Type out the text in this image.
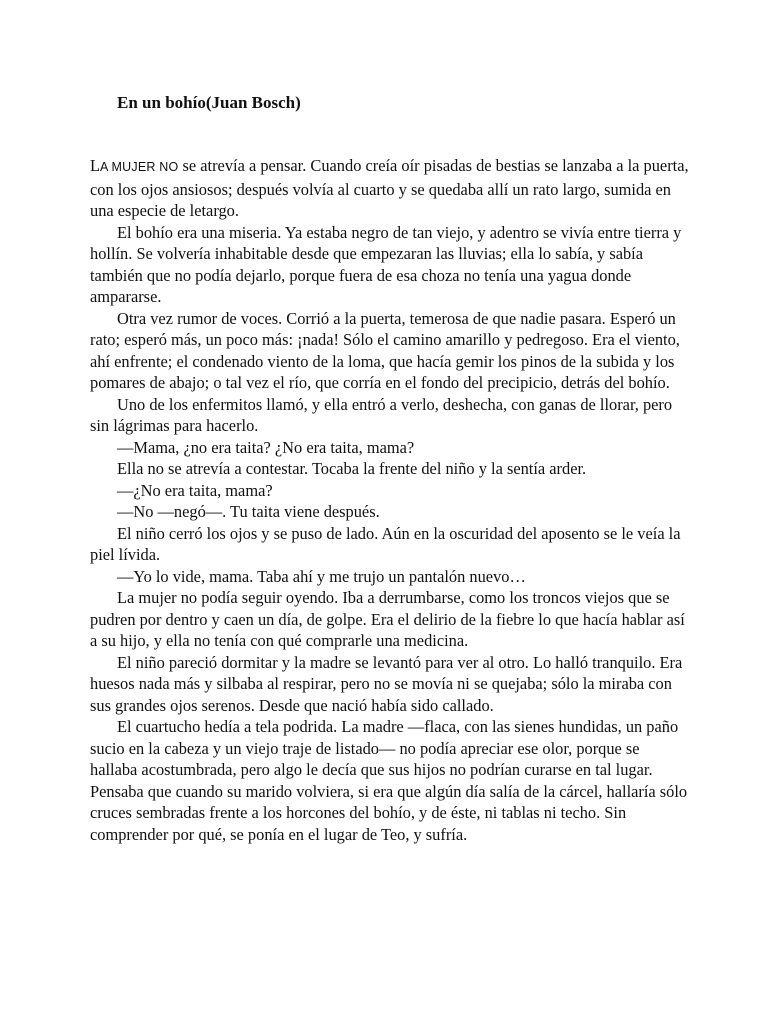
En un bohío(Juan Bosch)

LA MUJER NO se atrevía a pensar. Cuando creía oír pisadas de bestias se lanzaba a la puerta, con los ojos ansiosos; después volvía al cuarto y se quedaba allí un rato largo, sumida en una especie de letargo.

El bohío era una miseria. Ya estaba negro de tan viejo, y adentro se vivía entre tierra y hollín. Se volvería inhabitable desde que empezaran las lluvias; ella lo sabía, y sabía también que no podía dejarlo, porque fuera de esa choza no tenía una yagua donde ampararse.

Otra vez rumor de voces. Corrió a la puerta, temerosa de que nadie pasara. Esperó un rato; esperó más, un poco más: ¡nada! Sólo el camino amarillo y pedregoso. Era el viento, ahí enfrente; el condenado viento de la loma, que hacía gemir los pinos de la subida y los pomares de abajo; o tal vez el río, que corría en el fondo del precipicio, detrás del bohío.

Uno de los enfermitos llamó, y ella entró a verlo, deshecha, con ganas de llorar, pero sin lágrimas para hacerlo.

—Mama, ¿no era taita? ¿No era taita, mama?

Ella no se atrevía a contestar. Tocaba la frente del niño y la sentía arder.

—¿No era taita, mama?

—No —negó—. Tu taita viene después.

El niño cerró los ojos y se puso de lado. Aún en la oscuridad del aposento se le veía la piel lívida.

—Yo lo vide, mama. Taba ahí y me trujo un pantalón nuevo…

La mujer no podía seguir oyendo. Iba a derrumbarse, como los troncos viejos que se pudren por dentro y caen un día, de golpe. Era el delirio de la fiebre lo que hacía hablar así a su hijo, y ella no tenía con qué comprarle una medicina.

El niño pareció dormitar y la madre se levantó para ver al otro. Lo halló tranquilo. Era huesos nada más y silbaba al respirar, pero no se movía ni se quejaba; sólo la miraba con sus grandes ojos serenos. Desde que nació había sido callado.

El cuartucho hedía a tela podrida. La madre —flaca, con las sienes hundidas, un paño sucio en la cabeza y un viejo traje de listado— no podía apreciar ese olor, porque se hallaba acostumbrada, pero algo le decía que sus hijos no podrían curarse en tal lugar. Pensaba que cuando su marido volviera, si era que algún día salía de la cárcel, hallaría sólo cruces sembradas frente a los horcones del bohío, y de éste, ni tablas ni techo. Sin comprender por qué, se ponía en el lugar de Teo, y sufría.
